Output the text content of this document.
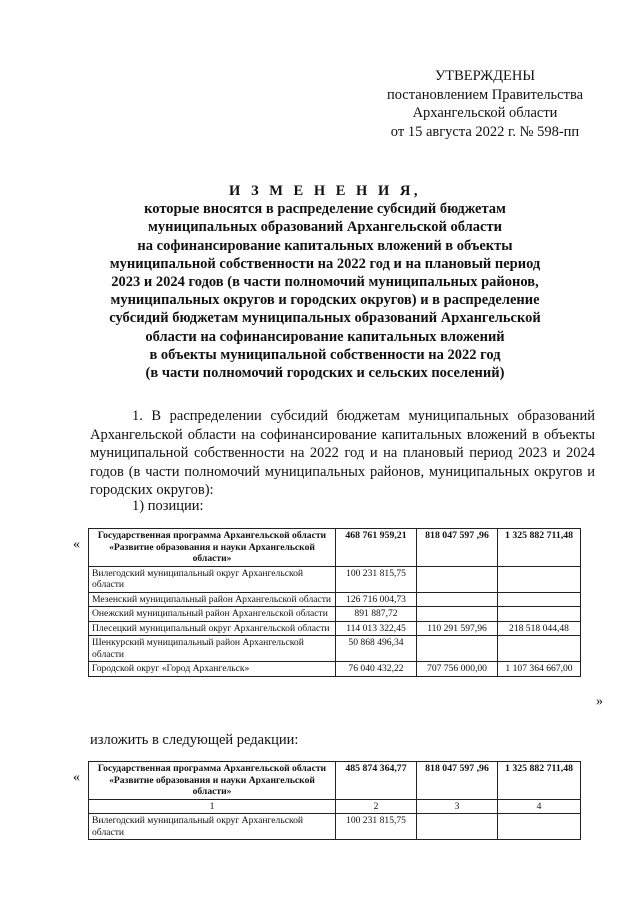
УТВЕРЖДЕНЫ
постановлением Правительства
Архангельской области
от 15 августа 2022 г. № 598-пп
И З М Е Н Е Н И Я,
которые вносятся в распределение субсидий бюджетам
муниципальных образований Архангельской области
на софинансирование капитальных вложений в объекты
муниципальной собственности на 2022 год и на плановый период
2023 и 2024 годов (в части полномочий муниципальных районов,
муниципальных округов и городских округов) и в распределение
субсидий бюджетам муниципальных образований Архангельской
области на софинансирование капитальных вложений
в объекты муниципальной собственности на 2022 год
(в части полномочий городских и сельских поселений)
1. В распределении субсидий бюджетам муниципальных образований Архангельской области на софинансирование капитальных вложений в объекты муниципальной собственности на 2022 год и на плановый период 2023 и 2024 годов (в части полномочий муниципальных районов, муниципальных округов и городских округов):
1) позиции:
«
Государственная программа Архангельской области «Развитие образования и науки Архангельской области»	468 761 959,21	818 047 597 ,96	1 325 882 711,48
Вилегодский муниципальный округ Архангельской области	100 231 815,75		
Мезенский муниципальный район Архангельской области	126 716 004,73		
Онежский муниципальный район Архангельской области	891 887,72		
Плесецкий муниципальный округ Архангельской области	114 013 322,45	110 291 597,96	218 518 044,48
Шенкурский муниципальный район Архангельской области	50 868 496,34		
Городской округ «Город Архангельск»	76 040 432,22	707 756 000,00	1 107 364 667,00
»
изложить в следующей редакции:
«
Государственная программа Архангельской области «Развитие образования и науки Архангельской области»	485 874 364,77	818 047 597 ,96	1 325 882 711,48
1	2	3	4
Вилегодский муниципальный округ Архангельской области	100 231 815,75		
